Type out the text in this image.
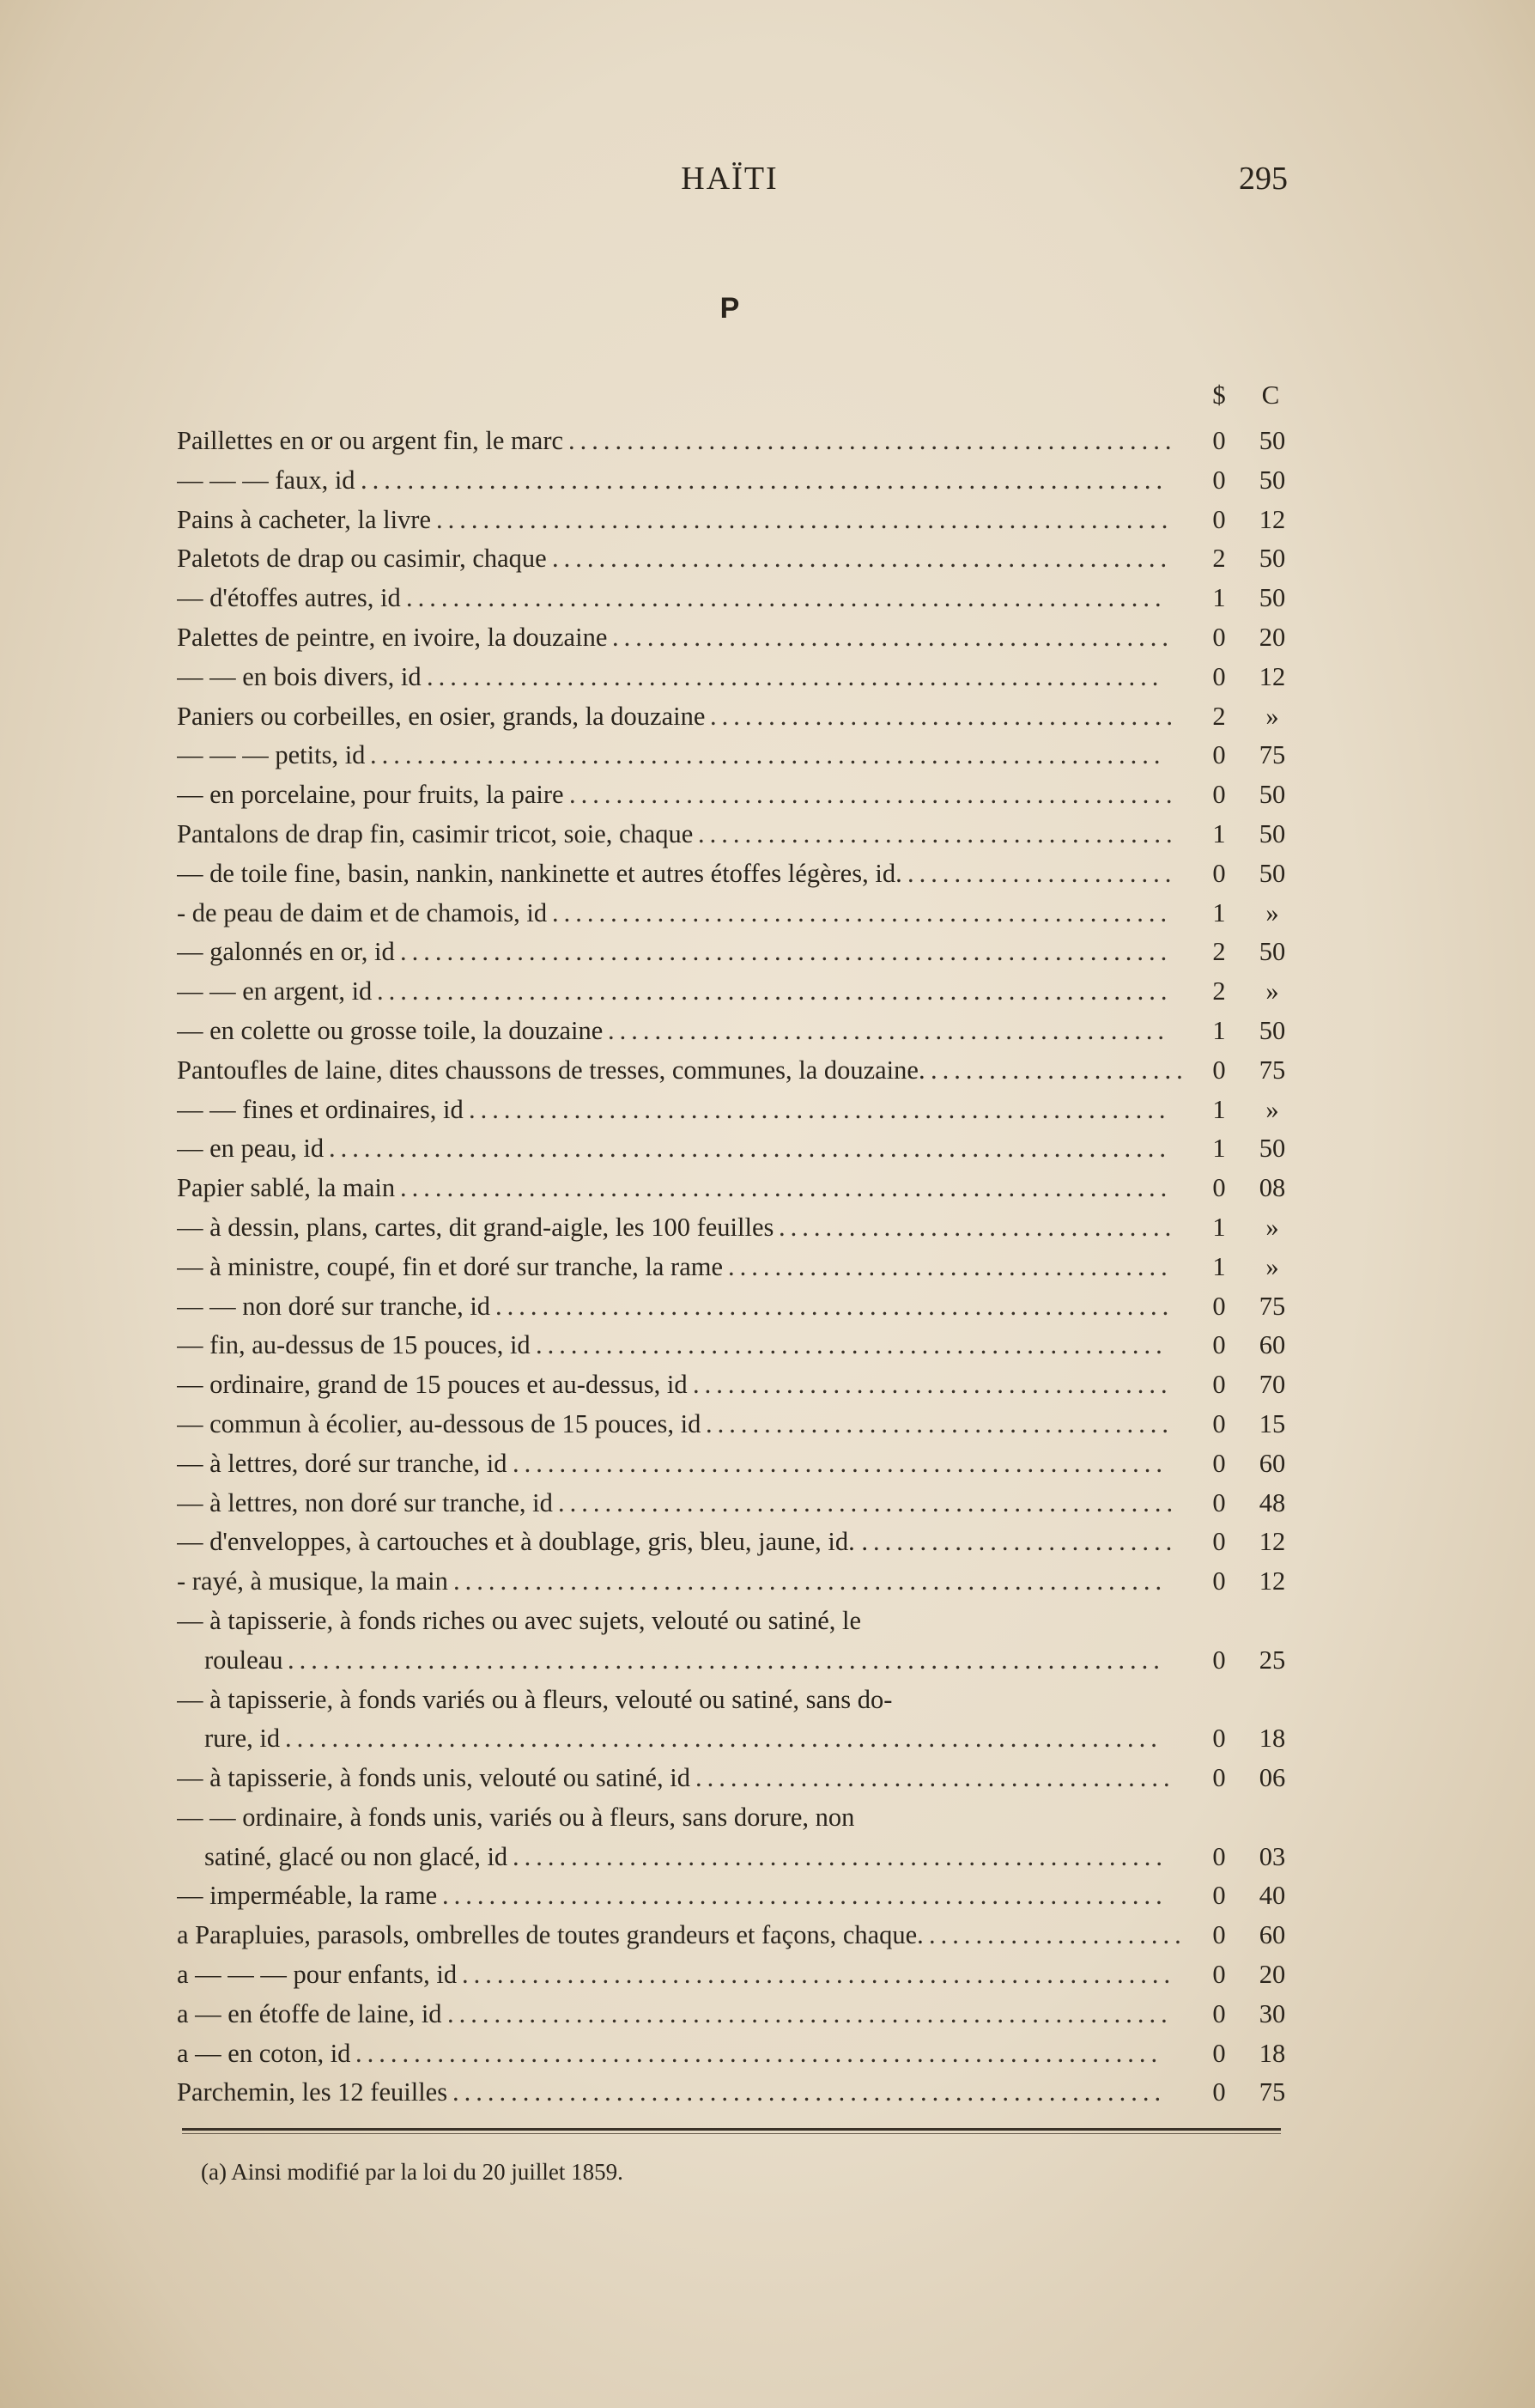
HAÏTI	295
P
$	C
Paillettes en or ou argent fin, le marc ....................................................	0	50
— — — faux, id .....................................................................	0	50
Pains à cacheter, la livre ...............................................................	0	12
Paletots de drap ou casimir, chaque .....................................................	2	50
— d'étoffes autres, id .................................................................	1	50
Palettes de peintre, en ivoire, la douzaine ................................................	0	20
— — en bois divers, id ...............................................................	0	12
Paniers ou corbeilles, en osier, grands, la douzaine ........................................	2	»
— — — petits, id ....................................................................	0	75
— en porcelaine, pour fruits, la paire ....................................................	0	50
Pantalons de drap fin, casimir tricot, soie, chaque .........................................	1	50
— de toile fine, basin, nankin, nankinette et autres étoffes légères, id. .......................	0	50
- de peau de daim et de chamois, id .....................................................	1	»
— galonnés en or, id ..................................................................	2	50
— — en argent, id ....................................................................	2	»
— en colette ou grosse toile, la douzaine ................................................	1	50
Pantoufles de laine, dites chaussons de tresses, communes, la douzaine. ...................... 0	75
— — fines et ordinaires, id ............................................................	1	»
— en peau, id ........................................................................	1	50
Papier sablé, la main ..................................................................	0	08
— à dessin, plans, cartes, dit grand-aigle, les 100 feuilles ..................................	1	»
— à ministre, coupé, fin et doré sur tranche, la rame ......................................	1	»
— — non doré sur tranche, id ..........................................................	0	75
— fin, au-dessus de 15 pouces, id ......................................................	0	60
— ordinaire, grand de 15 pouces et au-dessus, id .........................................	0	70
— commun à écolier, au-dessous de 15 pouces, id ........................................	0	15
— à lettres, doré sur tranche, id ........................................................	0	60
— à lettres, non doré sur tranche, id .....................................................	0	48
— d'enveloppes, à cartouches et à doublage, gris, bleu, jaune, id. . ..........................	0	12
- rayé, à musique, la main .............................................................	0	12
— à tapisserie, à fonds riches ou avec sujets, velouté ou satiné, le
rouleau ...........................................................................	0	25
— à tapisserie, à fonds variés ou à fleurs, velouté ou satiné, sans do-
rure, id ...........................................................................	0	18
— à tapisserie, à fonds unis, velouté ou satiné, id .........................................	0	06
— — ordinaire, à fonds unis, variés ou à fleurs, sans dorure, non
satiné, glacé ou non glacé, id ........................................................	0	03
— imperméable, la rame ..............................................................	0	40
a Parapluies, parasols, ombrelles de toutes grandeurs et façons, chaque. ......................	0	60
a — — — pour enfants, id .............................................................	0	20
a — en étoffe de laine, id ..............................................................	0	30
a — en coton, id .....................................................................	0	18
Parchemin, les 12 feuilles .............................................................	0	75
(a) Ainsi modifié par la loi du 20 juillet 1859.
